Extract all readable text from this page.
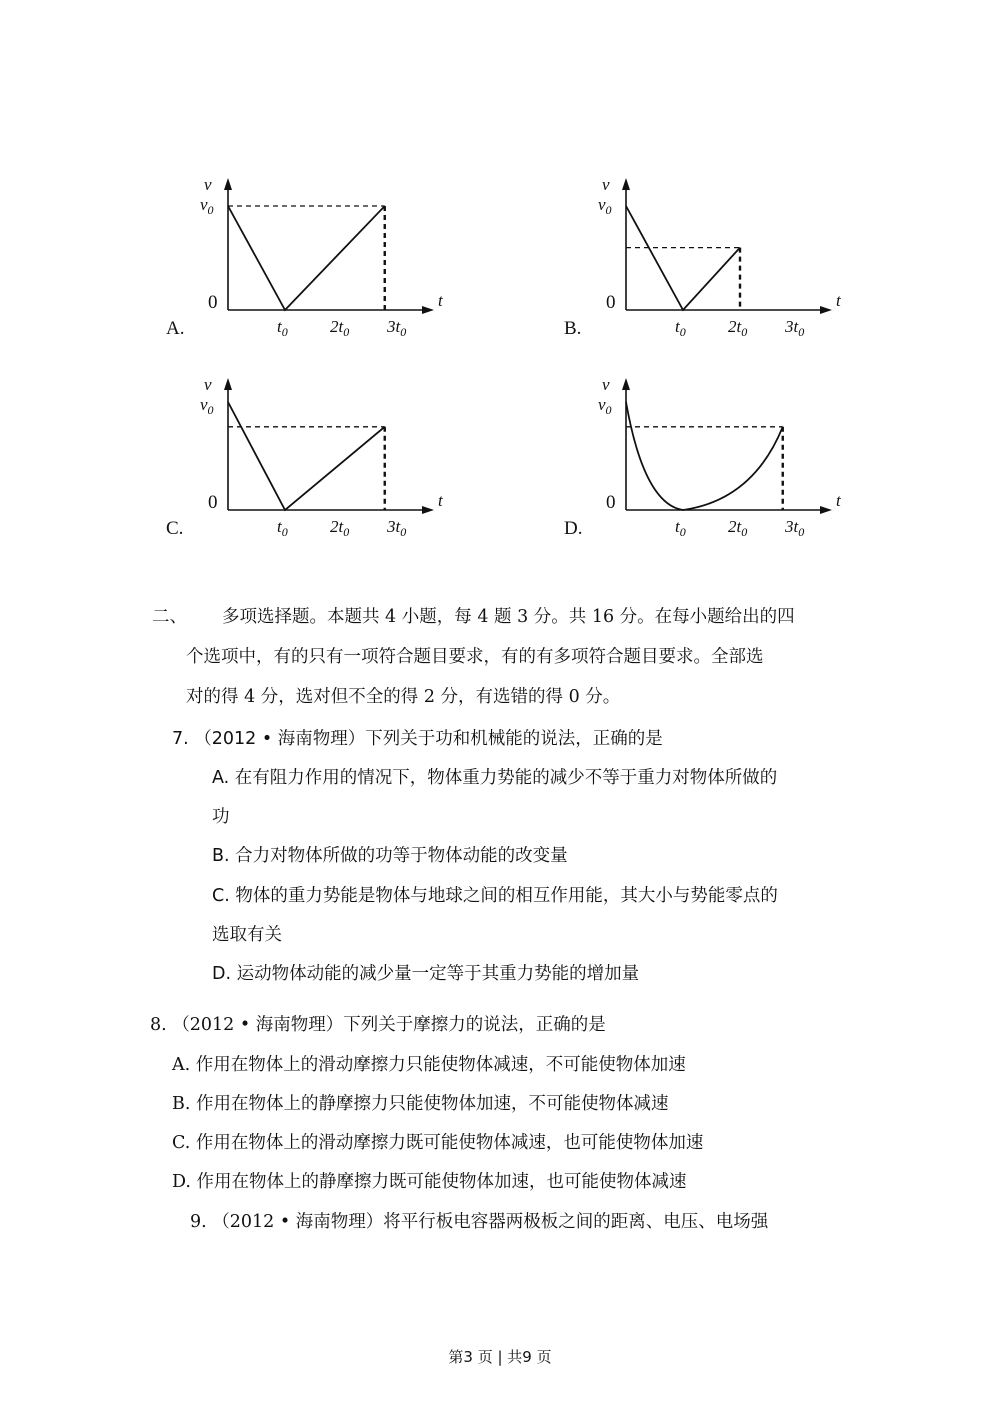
v
$v_0$
0	t
$t_0$ $2t_0$ $3t_0$
A.
v
$v_0$
0	t
$t_0$ $2t_0$ $3t_0$
B.
v
$v_0$
0	t
$t_0$ $2t_0$ $3t_0$
C.
v
$v_0$
0	t
$t_0$ $2t_0$ $3t_0$
D.
二、 多项选择题。本题共 4 小题，每 4 题 3 分。共 16 分。在每小题给出的四
个选项中，有的只有一项符合题目要求，有的有多项符合题目要求。全部选
对的得 4 分，选对但不全的得 2 分，有选错的得 0 分。
7. （2012 • 海南物理）下列关于功和机械能的说法，正确的是
A. 在有阻力作用的情况下，物体重力势能的减少不等于重力对物体所做的
功
B. 合力对物体所做的功等于物体动能的改变量
C. 物体的重力势能是物体与地球之间的相互作用能，其大小与势能零点的
选取有关
D. 运动物体动能的减少量一定等于其重力势能的增加量
8. （2012 • 海南物理）下列关于摩擦力的说法，正确的是
A. 作用在物体上的滑动摩擦力只能使物体减速，不可能使物体加速
B. 作用在物体上的静摩擦力只能使物体加速，不可能使物体减速
C. 作用在物体上的滑动摩擦力既可能使物体减速，也可能使物体加速
D. 作用在物体上的静摩擦力既可能使物体加速，也可能使物体减速
9. （2012 • 海南物理）将平行板电容器两极板之间的距离、电压、电场强
第3 页 | 共9 页
